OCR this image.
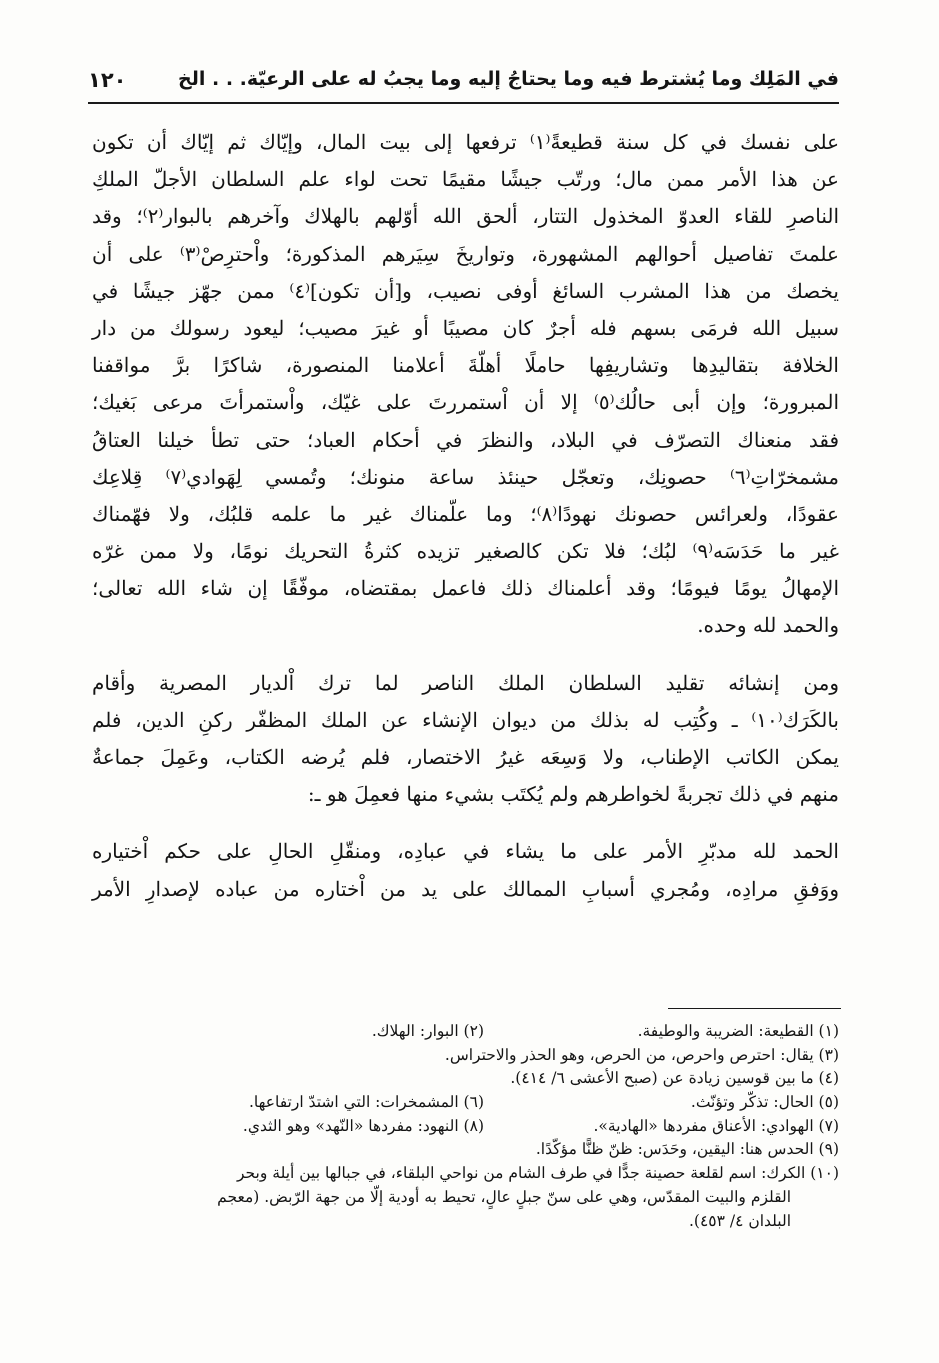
١٢٠	في المَلِك وما يُشترط فيه وما يحتاجُ إليه وما يجبُ له على الرعيّة. . . الخ
على نفسك في كل سنة قطيعةً⁽١⁾ ترفعها إلى بيت المال، وإيّاك ثم إيّاك أن تكون
عن هذا الأمر ممن مال؛ ورتّب جيشًا مقيمًا تحت لواء علم السلطان الأجلّ الملكِ
الناصرِ للقاء العدوّ المخذول التتار، ألحق الله أوّلهم بالهلاك وآخرهم بالبوار⁽٢⁾؛ وقد
علمتَ تفاصيل أحوالهم المشهورة، وتواريخَ سِيَرهم المذكورة؛ واْحترِصْ⁽٣⁾ على أن
يخصك من هذا المشرب السائغ أوفى نصيب، و[أن تكون]⁽٤⁾ ممن جهّز جيشًا في
سبيل الله فرمَى بسهم فله أجرٌ كان مصيبًا أو غيرَ مصيب؛ ليعود رسولك من دار
الخلافة بتقاليدِها وتشاريفِها حاملًا أهلّةَ أعلامنا المنصورة، شاكرًا برَّ مواقفنا
المبرورة؛ وإن أبى حالُك⁽٥⁾ إلا أن اْستمررتَ على غيّك، واْستمرأتَ مرعى بَغيك؛
فقد منعناك التصرّف في البلاد، والنظرَ في أحكام العباد؛ حتى تطأ خيلنا العتاقُ
مشمخرّاتِ⁽٦⁾ حصونِك، وتعجّل حينئذ ساعة منونك؛ وتُمسي لِهَوادي⁽٧⁾ قِلاعِك
عقودًا، ولعرائس حصونك نهودًا⁽٨⁾؛ وما علّمناك غير ما علمه قلبُك، ولا فهّمناك
غير ما حَدَسَه⁽٩⁾ لبُك؛ فلا تكن كالصغير تزيده كثرةُ التحريك نومًا، ولا ممن غرّه
الإمهالُ يومًا فيومًا؛ وقد أعلمناك ذلك فاعمل بمقتضاه، موفّقًا إن شاء الله تعالى؛
والحمد لله وحده.
ومن إنشائه تقليد السلطان الملك الناصر لما ترك اْلديار المصرية وأقام
بالكَرَك⁽١٠⁾ ـ وكُتِب له بذلك من ديوان الإنشاء عن الملك المظفّر ركنِ الدين، فلم
يمكن الكاتب الإطناب، ولا وَسِعَه غيرُ الاختصار، فلم يُرضه الكتاب، وعَمِلَ جماعةٌ
منهم في ذلك تجربةً لخواطرهم ولم يُكتَب بشيء منها فعمِلَ هو ـ:
الحمد لله مدبّرِ الأمر على ما يشاء في عبادِه، ومنقّلِ الحالِ على حكم اْختياره
ووَفقِ مرادِه، ومُجري أسبابِ الممالك على يد من اْختاره من عباده لإصدارِ الأمر
(١) القطيعة: الضريبة والوطيفة.
(٢) البوار: الهلاك.
(٣) يقال: احترص واحرص، من الحرص، وهو الحذر والاحتراس.
(٤) ما بين قوسين زيادة عن (صبح الأعشى ٦/ ٤١٤).
(٥) الحال: تذكّر وتؤنّث.
(٦) المشمخرات: التي اشتدّ ارتفاعها.
(٧) الهوادي: الأعناق مفردها «الهادية».
(٨) النهود: مفردها «النّهد» وهو الثدي.
(٩) الحدس هنا: اليقين، وحَدَس: ظنّ ظنًّا مؤكّدًا.
(١٠) الكرك: اسم لقلعة حصينة جدًّا في طرف الشام من نواحي البلقاء، في جبالها بين أيلة وبحر
القلزم والبيت المقدّس، وهي على سنّ جبلٍ عالٍ، تحيط به أودية إلّا من جهة الرّبض. (معجم
البلدان ٤/ ٤٥٣).
